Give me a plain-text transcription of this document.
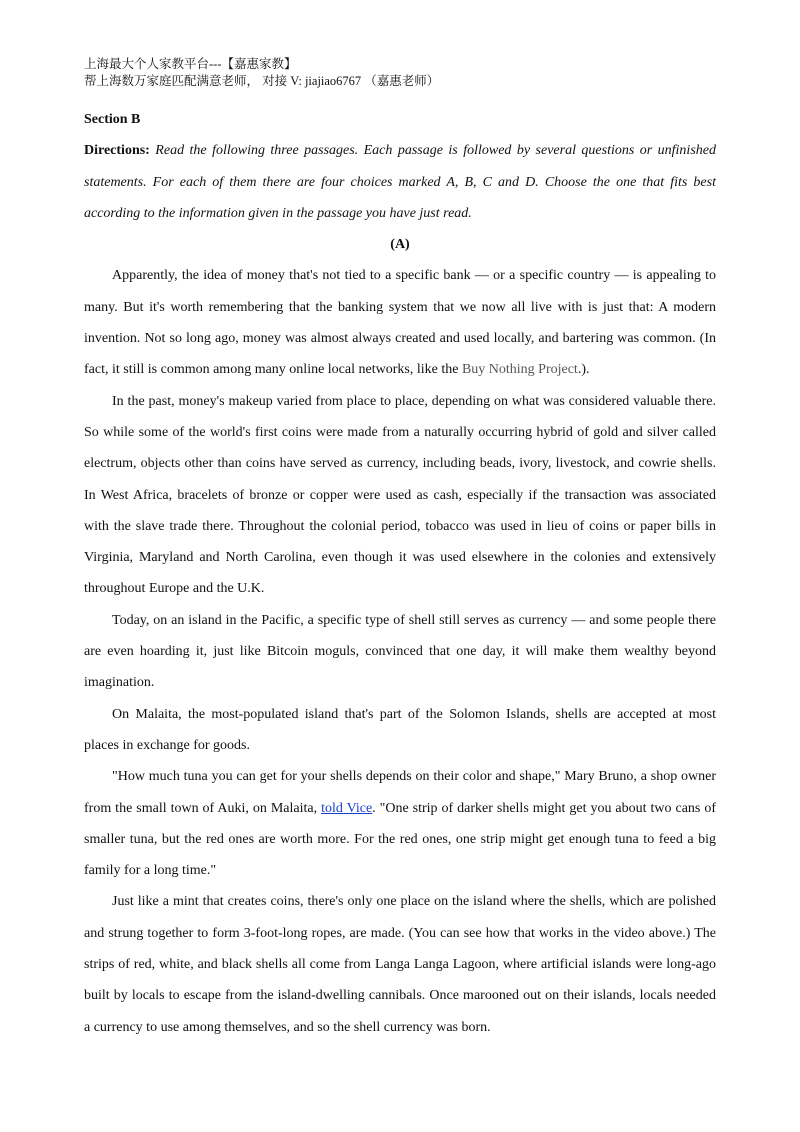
上海最大个人家教平台---【嘉惠家教】
帮上海数万家庭匹配满意老师， 对接 V: jiajiao6767 （嘉惠老师）
Section B
Directions: Read the following three passages. Each passage is followed by several questions or unfinished
statements. For each of them there are four choices marked A, B, C and D. Choose the one that fits best
according to the information given in the passage you have just read.
(A)
Apparently, the idea of money that's not tied to a specific bank — or a specific country — is appealing to
many. But it's worth remembering that the banking system that we now all live with is just that: A modern
invention. Not so long ago, money was almost always created and used locally, and bartering was common. (In
fact, it still is common among many online local networks, like the Buy Nothing Project.).
In the past, money's makeup varied from place to place, depending on what was considered valuable there.
So while some of the world's first coins were made from a naturally occurring hybrid of gold and silver called
electrum, objects other than coins have served as currency, including beads, ivory, livestock, and cowrie shells.
In West Africa, bracelets of bronze or copper were used as cash, especially if the transaction was associated
with the slave trade there. Throughout the colonial period, tobacco was used in lieu of coins or paper bills in
Virginia, Maryland and North Carolina, even though it was used elsewhere in the colonies and extensively
throughout Europe and the U.K.
Today, on an island in the Pacific, a specific type of shell still serves as currency — and some people there
are even hoarding it, just like Bitcoin moguls, convinced that one day, it will make them wealthy beyond
imagination.
On Malaita, the most-populated island that's part of the Solomon Islands, shells are accepted at most
places in exchange for goods.
"How much tuna you can get for your shells depends on their color and shape," Mary Bruno, a shop owner
from the small town of Auki, on Malaita, told Vice. "One strip of darker shells might get you about two cans of
smaller tuna, but the red ones are worth more. For the red ones, one strip might get enough tuna to feed a big
family for a long time."
Just like a mint that creates coins, there's only one place on the island where the shells, which are polished
and strung together to form 3-foot-long ropes, are made. (You can see how that works in the video above.) The
strips of red, white, and black shells all come from Langa Langa Lagoon, where artificial islands were long-ago
built by locals to escape from the island-dwelling cannibals. Once marooned out on their islands, locals needed
a currency to use among themselves, and so the shell currency was born.
